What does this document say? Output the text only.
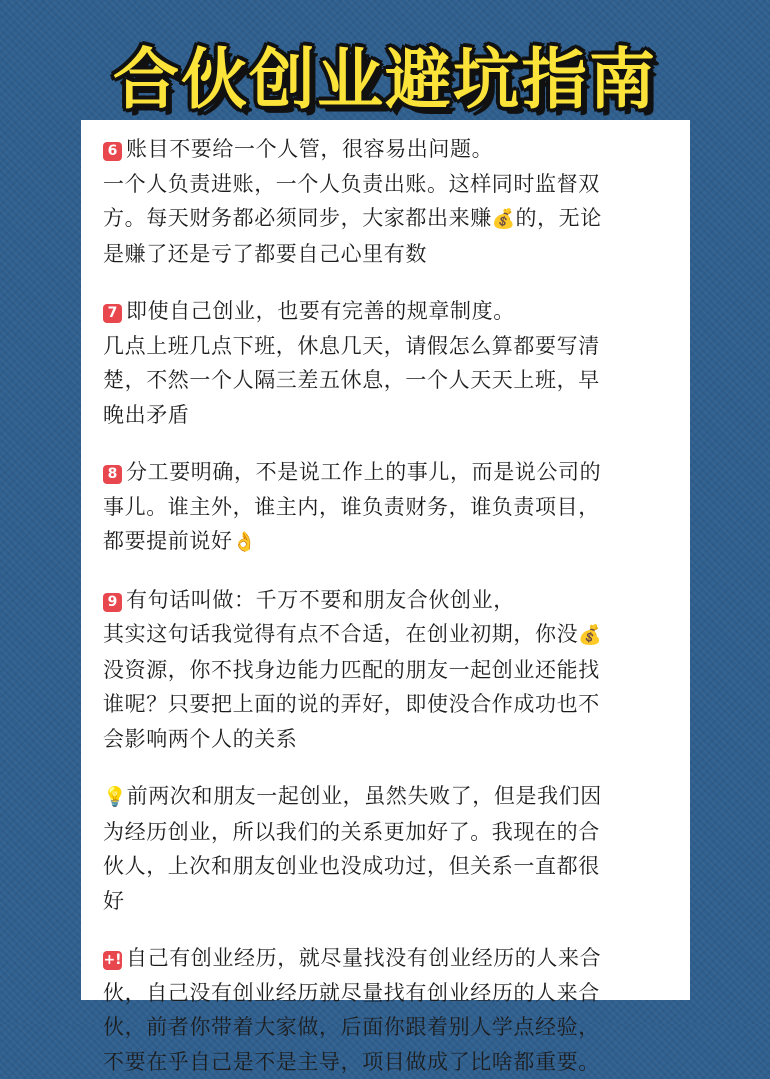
合伙创业避坑指南

6 账目不要给一个人管，很容易出问题。
一个人负责进账，一个人负责出账。这样同时监督双
方。每天财务都必须同步，大家都出来赚💰的，无论
是赚了还是亏了都要自己心里有数

7 即使自己创业，也要有完善的规章制度。
几点上班几点下班，休息几天，请假怎么算都要写清
楚，不然一个人隔三差五休息，一个人天天上班，早
晚出矛盾

8 分工要明确，不是说工作上的事儿，而是说公司的
事儿。谁主外，谁主内，谁负责财务，谁负责项目，
都要提前说好👌

9 有句话叫做：千万不要和朋友合伙创业，
其实这句话我觉得有点不合适，在创业初期，你没💰
没资源，你不找身边能力匹配的朋友一起创业还能找
谁呢？只要把上面的说的弄好，即使没合作成功也不
会影响两个人的关系

💡前两次和朋友一起创业，虽然失败了，但是我们因
为经历创业，所以我们的关系更加好了。我现在的合
伙人，上次和朋友创业也没成功过，但关系一直都很
好

+! 自己有创业经历，就尽量找没有创业经历的人来合
伙，自己没有创业经历就尽量找有创业经历的人来合
伙，前者你带着大家做，后面你跟着别人学点经验，
不要在乎自己是不是主导，项目做成了比啥都重要。
